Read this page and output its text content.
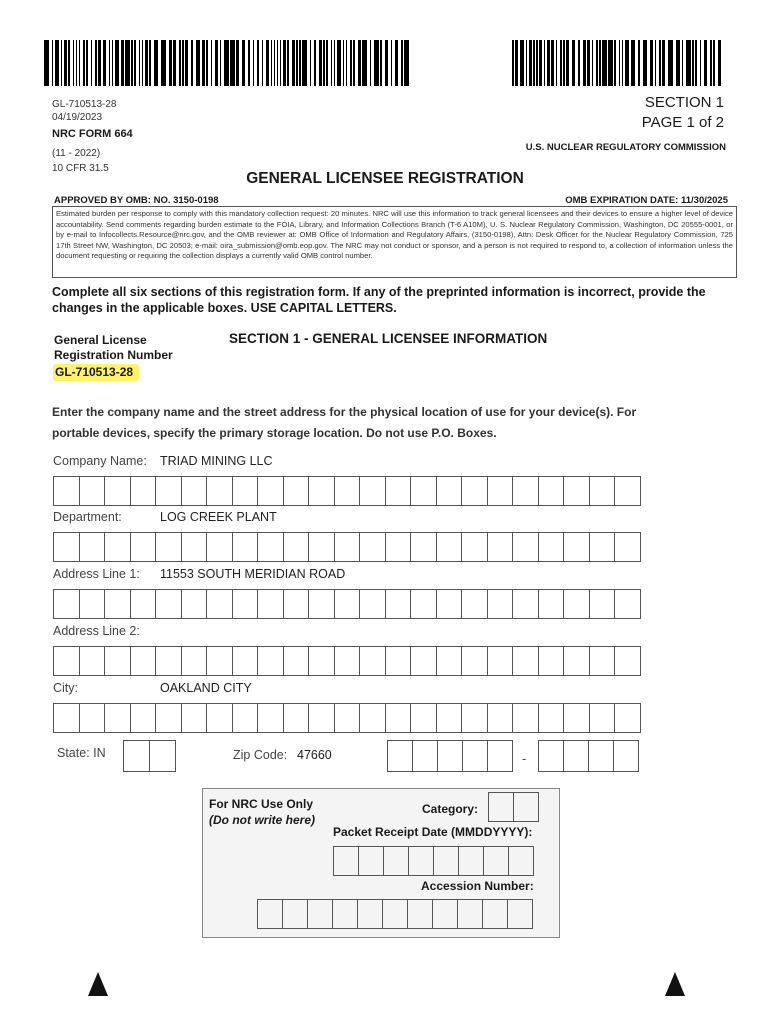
GL-710513-28
04/19/2023
NRC FORM 664
(11 - 2022)
10 CFR 31.5
SECTION 1
PAGE 1 of 2
U.S. NUCLEAR REGULATORY COMMISSION
GENERAL LICENSEE REGISTRATION
APPROVED BY OMB: NO. 3150-0198	OMB EXPIRATION DATE: 11/30/2025
Estimated burden per response to comply with this mandatory collection request: 20 minutes. NRC will use this information to track general licensees and their devices to ensure a higher level of device accountability. Send comments regarding burden estimate to the FOIA, Library, and Information Collections Branch (T-6 A10M), U. S. Nuclear Regulatory Commission, Washington, DC 20555-0001, or by e-mail to Infocollects.Resource@nrc.gov, and the OMB reviewer at: OMB Office of Information and Regulatory Affairs, (3150-0198), Attn: Desk Officer for the Nuclear Regulatory Commission, 725 17th Street NW, Washington, DC 20503; e-mail: oira_submission@omb.eop.gov. The NRC may not conduct or sponsor, and a person is not required to respond to, a collection of information unless the document requesting or requiring the collection displays a currently valid OMB control number.
Complete all six sections of this registration form. If any of the preprinted information is incorrect, provide the changes in the applicable boxes. USE CAPITAL LETTERS.
General License
Registration Number
GL-710513-28
SECTION 1 - GENERAL LICENSEE INFORMATION
Enter the company name and the street address for the physical location of use for your device(s). For
portable devices, specify the primary storage location. Do not use P.O. Boxes.
Company Name: TRIAD MINING LLC
Department:	LOG CREEK PLANT
Address Line 1: 11553 SOUTH MERIDIAN ROAD
Address Line 2:
City:	OAKLAND CITY
State: IN	Zip Code: 47660	-
For NRC Use Only
(Do not write here)
Category:
Packet Receipt Date (MMDDYYYY):
Accession Number:
